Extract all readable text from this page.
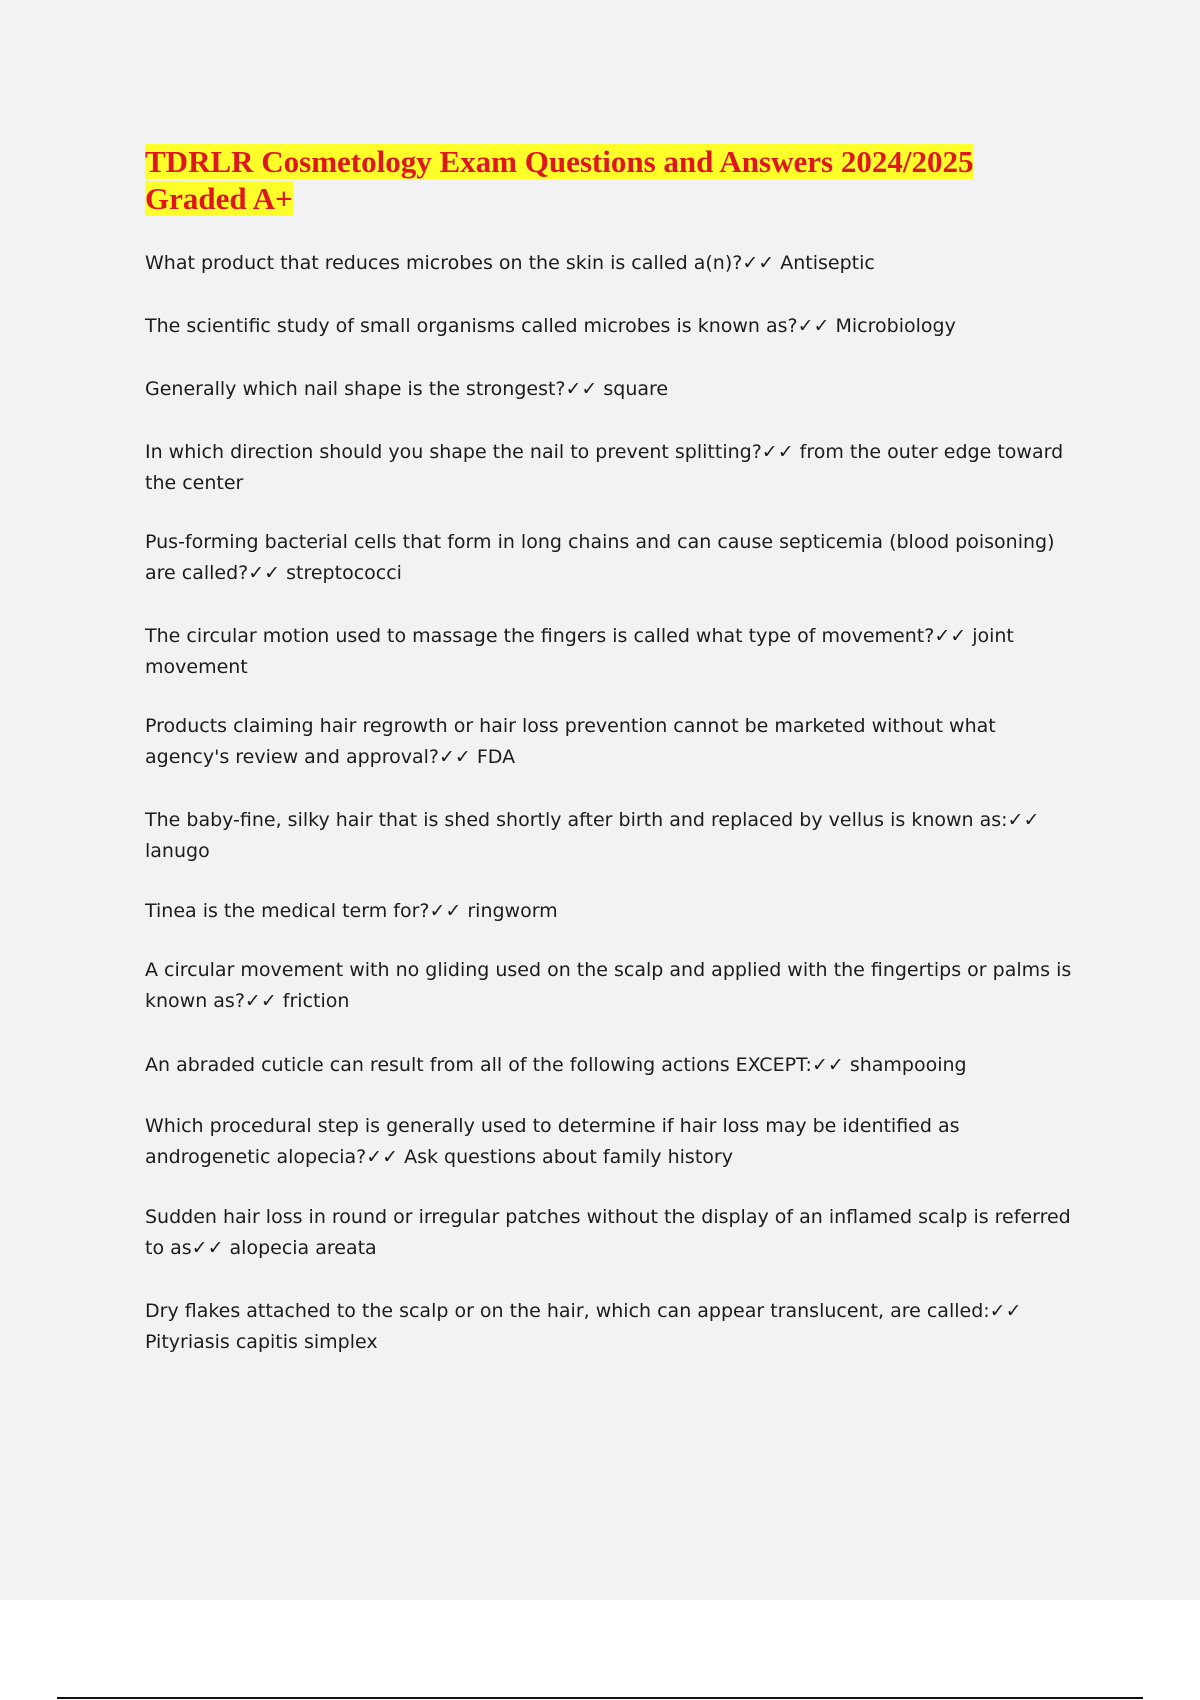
TDRLR Cosmetology Exam Questions and Answers 2024/2025 Graded A+

What product that reduces microbes on the skin is called a(n)?✓✓ Antiseptic

The scientific study of small organisms called microbes is known as?✓✓ Microbiology

Generally which nail shape is the strongest?✓✓ square

In which direction should you shape the nail to prevent splitting?✓✓ from the outer edge toward the center

Pus-forming bacterial cells that form in long chains and can cause septicemia (blood poisoning) are called?✓✓ streptococci

The circular motion used to massage the fingers is called what type of movement?✓✓ joint movement

Products claiming hair regrowth or hair loss prevention cannot be marketed without what agency's review and approval?✓✓ FDA

The baby-fine, silky hair that is shed shortly after birth and replaced by vellus is known as:✓✓ lanugo

Tinea is the medical term for?✓✓ ringworm

A circular movement with no gliding used on the scalp and applied with the fingertips or palms is known as?✓✓ friction

An abraded cuticle can result from all of the following actions EXCEPT:✓✓ shampooing

Which procedural step is generally used to determine if hair loss may be identified as androgenetic alopecia?✓✓ Ask questions about family history

Sudden hair loss in round or irregular patches without the display of an inflamed scalp is referred to as✓✓ alopecia areata

Dry flakes attached to the scalp or on the hair, which can appear translucent, are called:✓✓ Pityriasis capitis simplex
